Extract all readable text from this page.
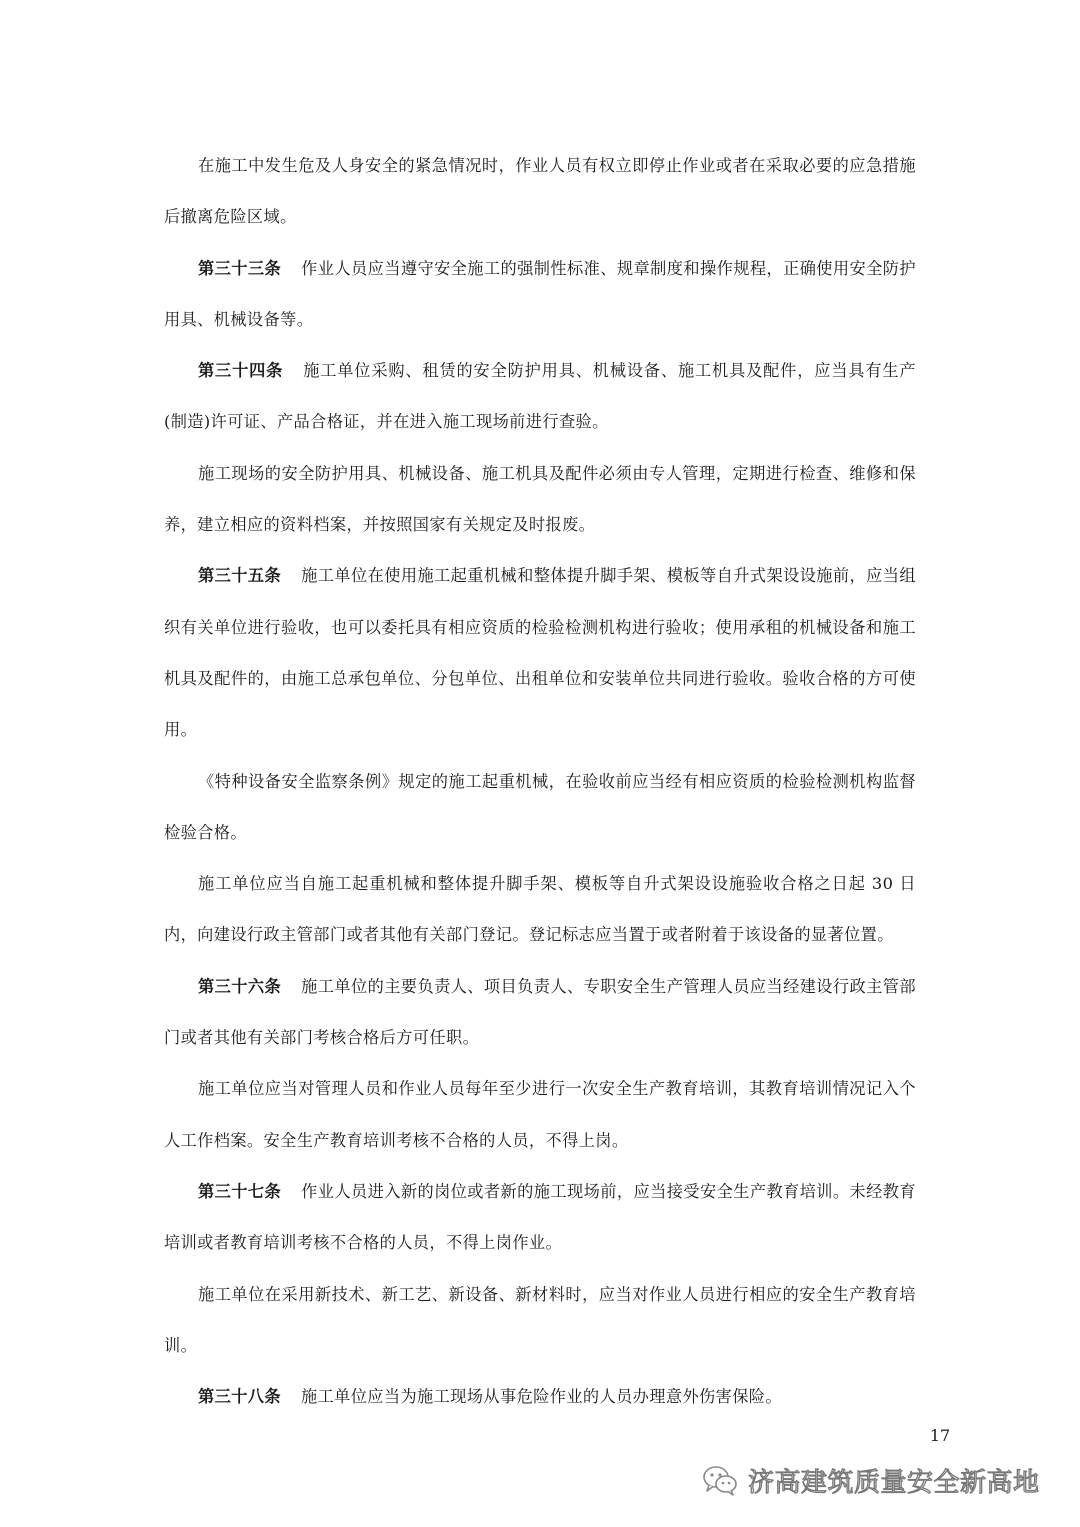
在施工中发生危及人身安全的紧急情况时，作业人员有权立即停止作业或者在采取必要的应急措施后撤离危险区域。

第三十三条 作业人员应当遵守安全施工的强制性标准、规章制度和操作规程，正确使用安全防护用具、机械设备等。

第三十四条 施工单位采购、租赁的安全防护用具、机械设备、施工机具及配件，应当具有生产(制造)许可证、产品合格证，并在进入施工现场前进行查验。

施工现场的安全防护用具、机械设备、施工机具及配件必须由专人管理，定期进行检查、维修和保养，建立相应的资料档案，并按照国家有关规定及时报废。

第三十五条 施工单位在使用施工起重机械和整体提升脚手架、模板等自升式架设设施前，应当组织有关单位进行验收，也可以委托具有相应资质的检验检测机构进行验收；使用承租的机械设备和施工机具及配件的，由施工总承包单位、分包单位、出租单位和安装单位共同进行验收。验收合格的方可使用。

《特种设备安全监察条例》规定的施工起重机械，在验收前应当经有相应资质的检验检测机构监督检验合格。

施工单位应当自施工起重机械和整体提升脚手架、模板等自升式架设设施验收合格之日起 30 日内，向建设行政主管部门或者其他有关部门登记。登记标志应当置于或者附着于该设备的显著位置。

第三十六条 施工单位的主要负责人、项目负责人、专职安全生产管理人员应当经建设行政主管部门或者其他有关部门考核合格后方可任职。

施工单位应当对管理人员和作业人员每年至少进行一次安全生产教育培训，其教育培训情况记入个人工作档案。安全生产教育培训考核不合格的人员，不得上岗。

第三十七条 作业人员进入新的岗位或者新的施工现场前，应当接受安全生产教育培训。未经教育培训或者教育培训考核不合格的人员，不得上岗作业。

施工单位在采用新技术、新工艺、新设备、新材料时，应当对作业人员进行相应的安全生产教育培训。

第三十八条 施工单位应当为施工现场从事危险作业的人员办理意外伤害保险。

17
济高建筑质量安全新高地
